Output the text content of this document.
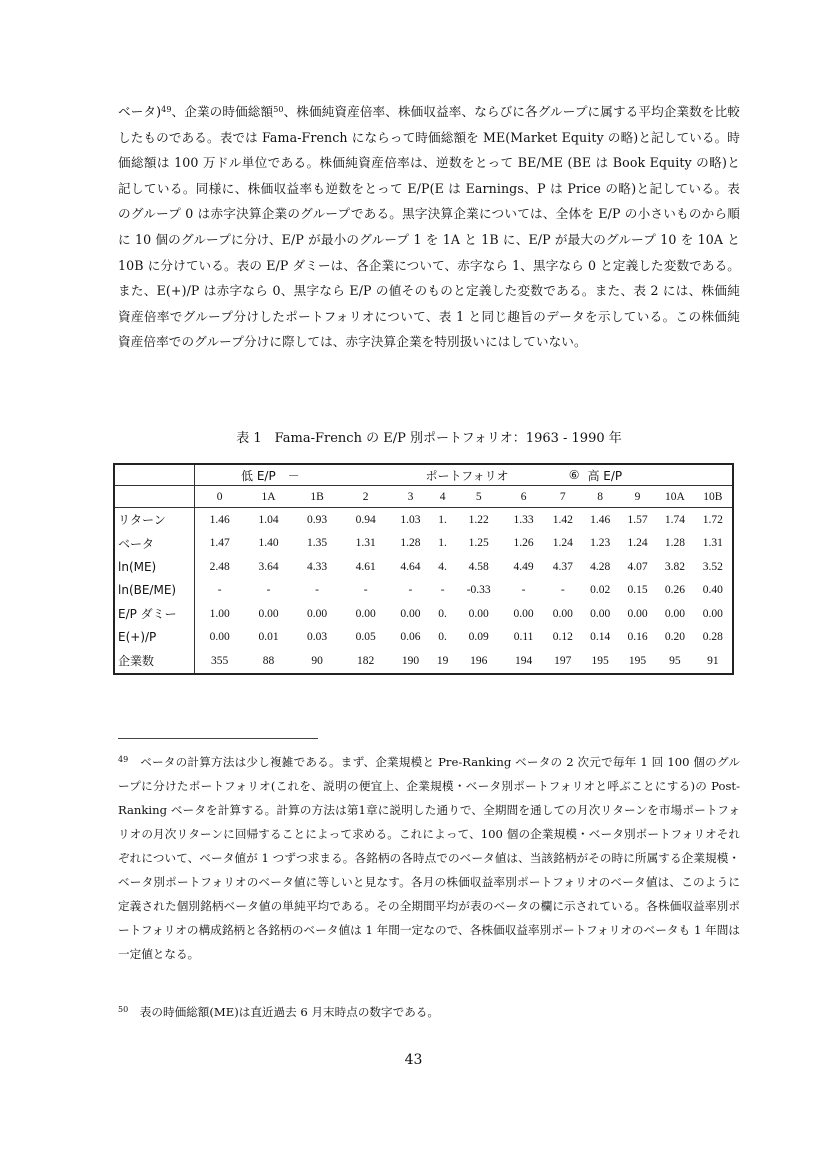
ベータ)$^{49}$、企業の時価総額$^{50}$、株価純資産倍率、株価収益率、ならびに各グループに属する平均企業数を比較したものである。表では Fama-French にならって時価総額を ME(Market Equity の略)と記している。時価総額は 100 万ドル単位である。株価純資産倍率は、逆数をとって BE/ME (BE は Book Equity の略)と記している。同様に、株価収益率も逆数をとって E/P(E は Earnings、P は Price の略)と記している。表のグループ 0 は赤字決算企業のグループである。黒字決算企業については、全体を E/P の小さいものから順に 10 個のグループに分け、E/P が最小のグループ 1 を 1A と 1B に、E/P が最大のグループ 10 を 10A と 10B に分けている。表の E/P ダミーは、各企業について、赤字なら 1、黒字なら 0 と定義した変数である。また、E(+)/P は赤字なら 0、黒字なら E/P の値そのものと定義した変数である。また、表 2 には、株価純資産倍率でグループ分けしたポートフォリオについて、表 1 と同じ趣旨のデータを示している。この株価純資産倍率でのグループ分けに際しては、赤字決算企業を特別扱いにはしていない。
表 1　Fama-French の E/P 別ポートフォリオ：1963 - 1990 年
	低 E/P　－				ポートフォリオ				⑥	高 E/P			
	0	1A	1B	2	3	4	5	6	7	8	9	10A	10B
リターン	1.46	1.04	0.93	0.94	1.03	1.	1.22	1.33	1.42	1.46	1.57	1.74	1.72
ベータ	1.47	1.40	1.35	1.31	1.28	1.	1.25	1.26	1.24	1.23	1.24	1.28	1.31
ln(ME)	2.48	3.64	4.33	4.61	4.64	4.	4.58	4.49	4.37	4.28	4.07	3.82	3.52
ln(BE/ME)	-	-	-	-	-	-	-0.33	-	-	0.02	0.15	0.26	0.40
E/P ダミー	1.00	0.00	0.00	0.00	0.00	0.	0.00	0.00	0.00	0.00	0.00	0.00	0.00
E(+)/P	0.00	0.01	0.03	0.05	0.06	0.	0.09	0.11	0.12	0.14	0.16	0.20	0.28
企業数	355	88	90	182	190	19	196	194	197	195	195	95	91
$^{49}$　 ベータの計算方法は少し複雑である。まず、企業規模と Pre-Ranking ベータの 2 次元で毎年 1 回 100 個のグループに分けたポートフォリオ(これを、説明の便宜上、企業規模・ベータ別ポートフォリオと呼ぶことにする)の Post-Ranking ベータを計算する。計算の方法は第1章に説明した通りで、全期間を通しての月次リターンを市場ポートフォリオの月次リターンに回帰することによって求める。これによって、100 個の企業規模・ベータ別ポートフォリオそれぞれについて、ベータ値が 1 つずつ求まる。各銘柄の各時点でのベータ値は、当該銘柄がその時に所属する企業規模・ベータ別ポートフォリオのベータ値に等しいと見なす。各月の株価収益率別ポートフォリオのベータ値は、このように定義された個別銘柄ベータ値の単純平均である。その全期間平均が表のベータの欄に示されている。各株価収益率別ポートフォリオの構成銘柄と各銘柄のベータ値は 1 年間一定なので、各株価収益率別ポートフォリオのベータも 1 年間は一定値となる。
$^{50}$　 表の時価総額(ME)は直近過去 6 月末時点の数字である。
43
